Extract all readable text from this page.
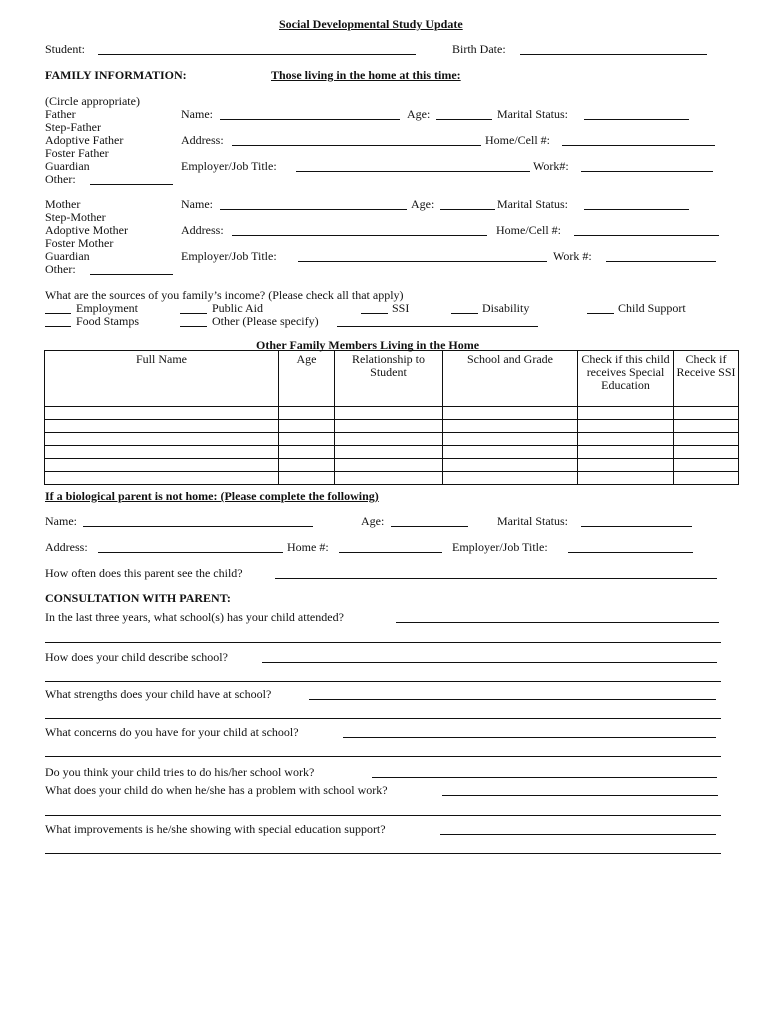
Social Developmental Study Update
Student:	Birth Date:
FAMILY INFORMATION:	Those living in the home at this time:
(Circle appropriate)
Father
Step-Father
Adoptive Father
Foster Father
Guardian
Other:
Name:	Age:	Marital Status:
Address:	Home/Cell #:
Employer/Job Title:	Work#:
Mother
Step-Mother
Adoptive Mother
Foster Mother
Guardian
Other:
Name:	Age:	Marital Status:
Address:	Home/Cell #:
Employer/Job Title:	Work #:
What are the sources of you family’s income? (Please check all that apply)
Employment	Public Aid	SSI	Disability	Child Support
Food Stamps	Other (Please specify)
Other Family Members Living in the Home
Full Name	Age	Relationship to Student	School and Grade	Check if this child receives Special Education	Check if Receive SSI

If a biological parent is not home: (Please complete the following)
Name:	Age:	Marital Status:
Address:	Home #:	Employer/Job Title:
How often does this parent see the child?
CONSULTATION WITH PARENT:
In the last three years, what school(s) has your child attended?
How does your child describe school?
What strengths does your child have at school?
What concerns do you have for your child at school?
Do you think your child tries to do his/her school work?
What does your child do when he/she has a problem with school work?
What improvements is he/she showing with special education support?
